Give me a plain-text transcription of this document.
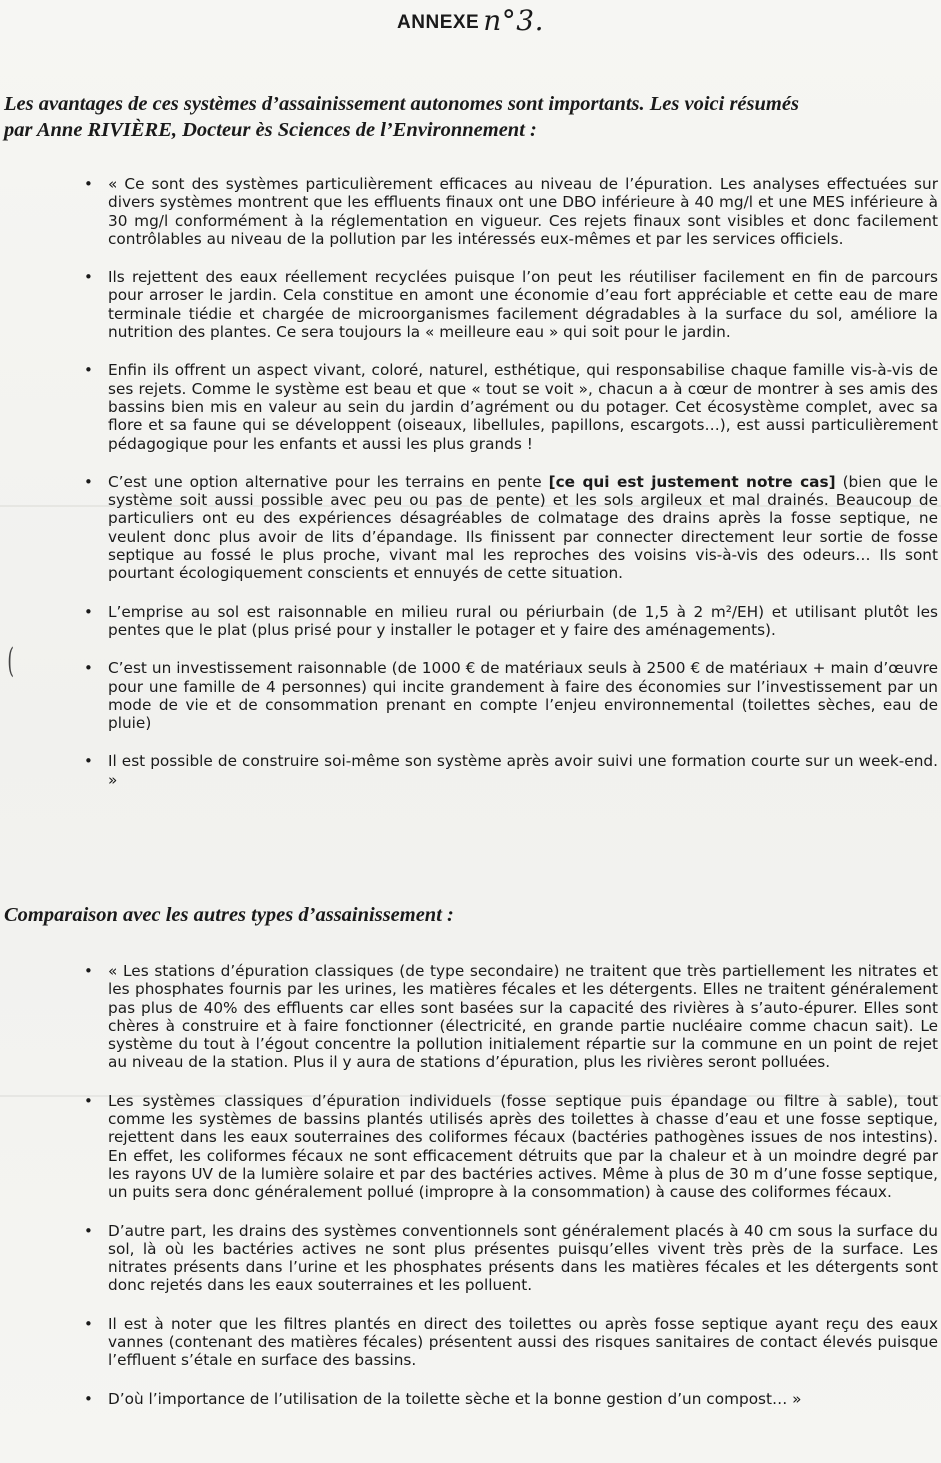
ANNEXE n°3.
Les avantages de ces systèmes d’assainissement autonomes sont importants. Les voici résumés
par Anne RIVIÈRE, Docteur ès Sciences de l’Environnement :
• « Ce sont des systèmes particulièrement efficaces au niveau de l’épuration. Les analyses effectuées sur divers systèmes montrent que les effluents finaux ont une DBO inférieure à 40 mg/l et une MES inférieure à 30 mg/l conformément à la réglementation en vigueur. Ces rejets finaux sont visibles et donc facilement contrôlables au niveau de la pollution par les intéressés eux-mêmes et par les services officiels.
• Ils rejettent des eaux réellement recyclées puisque l’on peut les réutiliser facilement en fin de parcours pour arroser le jardin. Cela constitue en amont une économie d’eau fort appréciable et cette eau de mare terminale tiédie et chargée de microorganismes facilement dégradables à la surface du sol, améliore la nutrition des plantes. Ce sera toujours la « meilleure eau » qui soit pour le jardin.
• Enfin ils offrent un aspect vivant, coloré, naturel, esthétique, qui responsabilise chaque famille vis-à-vis de ses rejets. Comme le système est beau et que « tout se voit », chacun a à cœur de montrer à ses amis des bassins bien mis en valeur au sein du jardin d’agrément ou du potager. Cet écosystème complet, avec sa flore et sa faune qui se développent (oiseaux, libellules, papillons, escargots…), est aussi particulièrement pédagogique pour les enfants et aussi les plus grands !
• C’est une option alternative pour les terrains en pente [ce qui est justement notre cas] (bien que le système soit aussi possible avec peu ou pas de pente) et les sols argileux et mal drainés. Beaucoup de particuliers ont eu des expériences désagréables de colmatage des drains après la fosse septique, ne veulent donc plus avoir de lits d’épandage. Ils finissent par connecter directement leur sortie de fosse septique au fossé le plus proche, vivant mal les reproches des voisins vis-à-vis des odeurs… Ils sont pourtant écologiquement conscients et ennuyés de cette situation.
• L’emprise au sol est raisonnable en milieu rural ou périurbain (de 1,5 à 2 m²/EH) et utilisant plutôt les pentes que le plat (plus prisé pour y installer le potager et y faire des aménagements).
• C’est un investissement raisonnable (de 1000 € de matériaux seuls à 2500 € de matériaux + main d’œuvre pour une famille de 4 personnes) qui incite grandement à faire des économies sur l’investissement par un mode de vie et de consommation prenant en compte l’enjeu environnemental (toilettes sèches, eau de pluie)
• Il est possible de construire soi-même son système après avoir suivi une formation courte sur un week-end. »
(
Comparaison avec les autres types d’assainissement :
• « Les stations d’épuration classiques (de type secondaire) ne traitent que très partiellement les nitrates et les phosphates fournis par les urines, les matières fécales et les détergents. Elles ne traitent généralement pas plus de 40% des effluents car elles sont basées sur la capacité des rivières à s’auto-épurer. Elles sont chères à construire et à faire fonctionner (électricité, en grande partie nucléaire comme chacun sait). Le système du tout à l’égout concentre la pollution initialement répartie sur la commune en un point de rejet au niveau de la station. Plus il y aura de stations d’épuration, plus les rivières seront polluées.
• Les systèmes classiques d’épuration individuels (fosse septique puis épandage ou filtre à sable), tout comme les systèmes de bassins plantés utilisés après des toilettes à chasse d’eau et une fosse septique, rejettent dans les eaux souterraines des coliformes fécaux (bactéries pathogènes issues de nos intestins). En effet, les coliformes fécaux ne sont efficacement détruits que par la chaleur et à un moindre degré par les rayons UV de la lumière solaire et par des bactéries actives. Même à plus de 30 m d’une fosse septique, un puits sera donc généralement pollué (impropre à la consommation) à cause des coliformes fécaux.
• D’autre part, les drains des systèmes conventionnels sont généralement placés à 40 cm sous la surface du sol, là où les bactéries actives ne sont plus présentes puisqu’elles vivent très près de la surface. Les nitrates présents dans l’urine et les phosphates présents dans les matières fécales et les détergents sont donc rejetés dans les eaux souterraines et les polluent.
• Il est à noter que les filtres plantés en direct des toilettes ou après fosse septique ayant reçu des eaux vannes (contenant des matières fécales) présentent aussi des risques sanitaires de contact élevés puisque l’effluent s’étale en surface des bassins.
• D’où l’importance de l’utilisation de la toilette sèche et la bonne gestion d’un compost… »
